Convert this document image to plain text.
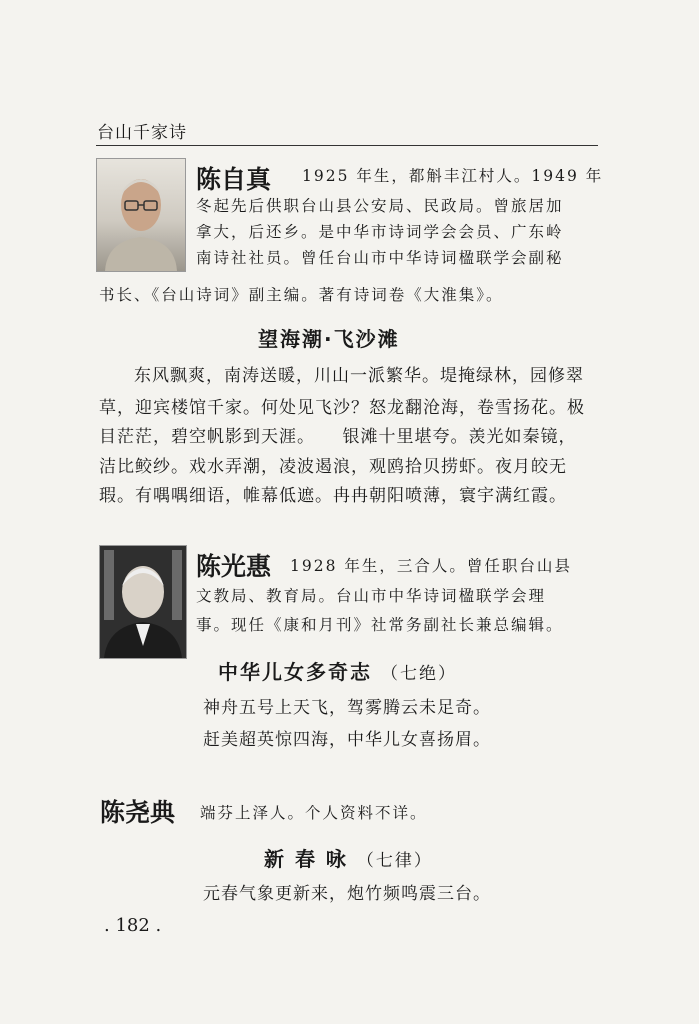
台山千家诗
陈自真 1925 年生，都斛丰江村人。1949 年
冬起先后供职台山县公安局、民政局。曾旅居加
拿大，后还乡。是中华市诗词学会会员、广东岭
南诗社社员。曾任台山市中华诗词楹联学会副秘
书长、《台山诗词》副主编。著有诗词卷《大淮集》。
望海潮·飞沙滩
东风飘爽，南涛送暖，川山一派繁华。堤掩绿林，园修翠
草，迎宾楼馆千家。何处见飞沙？怒龙翻沧海，卷雪扬花。极
目茫茫，碧空帆影到天涯。　　银滩十里堪夸。羡光如秦镜，
洁比鲛纱。戏水弄潮，凌波遏浪，观鸥拾贝捞虾。夜月皎无
瑕。有喁喁细语，帷幕低遮。冉冉朝阳喷薄，寰宇满红霞。
陈光惠 1928 年生，三合人。曾任职台山县
文教局、教育局。台山市中华诗词楹联学会理
事。现任《康和月刊》社常务副社长兼总编辑。
中华儿女多奇志 （七绝）
神舟五号上天飞，驾雾腾云未足奇。
赶美超英惊四海，中华儿女喜扬眉。
陈尧典 端芬上泽人。个人资料不详。
新 春 咏 （七律）
元春气象更新来，炮竹频鸣震三台。
. 182 .
